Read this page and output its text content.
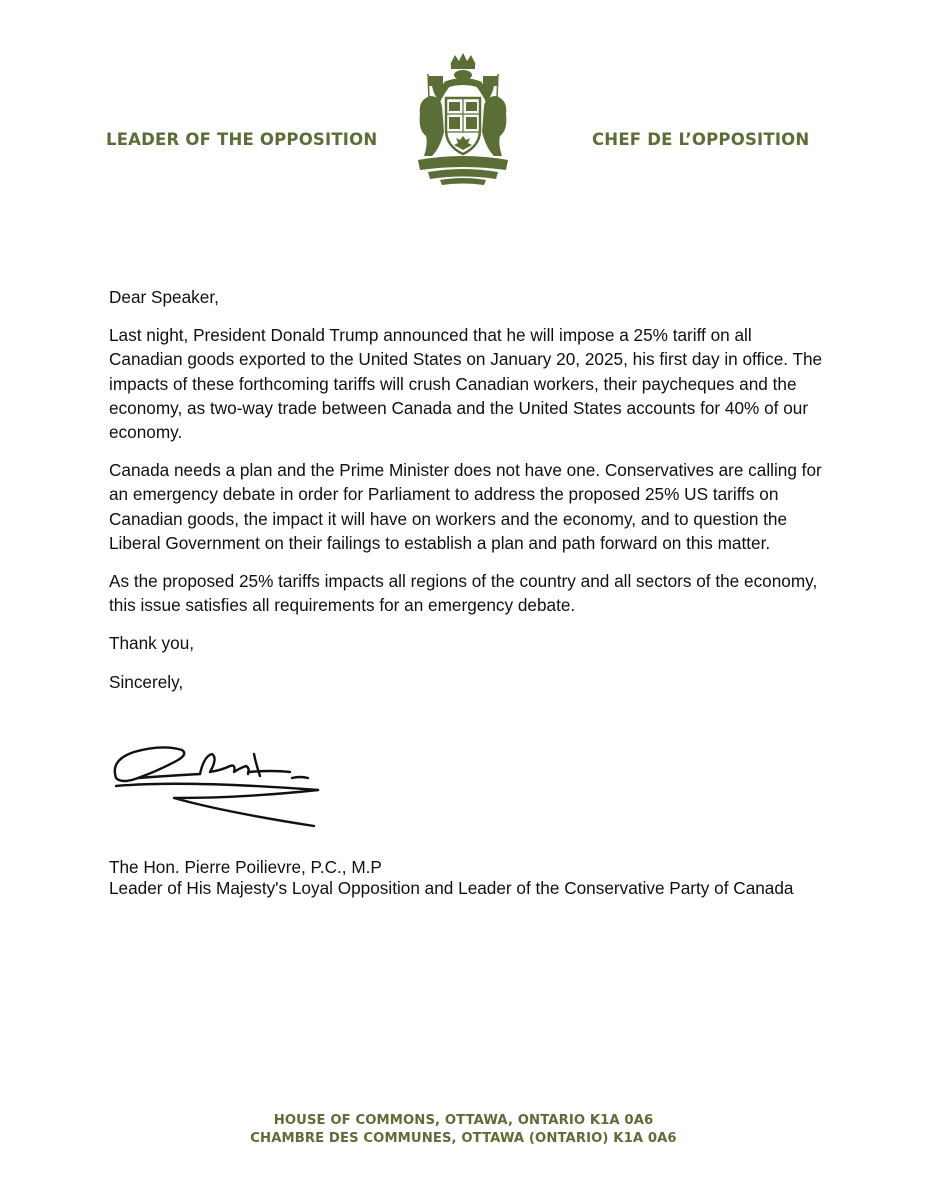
LEADER OF THE OPPOSITION	CHEF DE L’OPPOSITION

Dear Speaker,

Last night, President Donald Trump announced that he will impose a 25% tariff on all Canadian goods exported to the United States on January 20, 2025, his first day in office. The impacts of these forthcoming tariffs will crush Canadian workers, their paycheques and the economy, as two-way trade between Canada and the United States accounts for 40% of our economy.

Canada needs a plan and the Prime Minister does not have one. Conservatives are calling for an emergency debate in order for Parliament to address the proposed 25% US tariffs on Canadian goods, the impact it will have on workers and the economy, and to question the Liberal Government on their failings to establish a plan and path forward on this matter.

As the proposed 25% tariffs impacts all regions of the country and all sectors of the economy, this issue satisfies all requirements for an emergency debate.

Thank you,

Sincerely,

The Hon. Pierre Poilievre, P.C., M.P
Leader of His Majesty's Loyal Opposition and Leader of the Conservative Party of Canada
HOUSE OF COMMONS, OTTAWA, ONTARIO K1A 0A6
CHAMBRE DES COMMUNES, OTTAWA (ONTARIO) K1A 0A6
